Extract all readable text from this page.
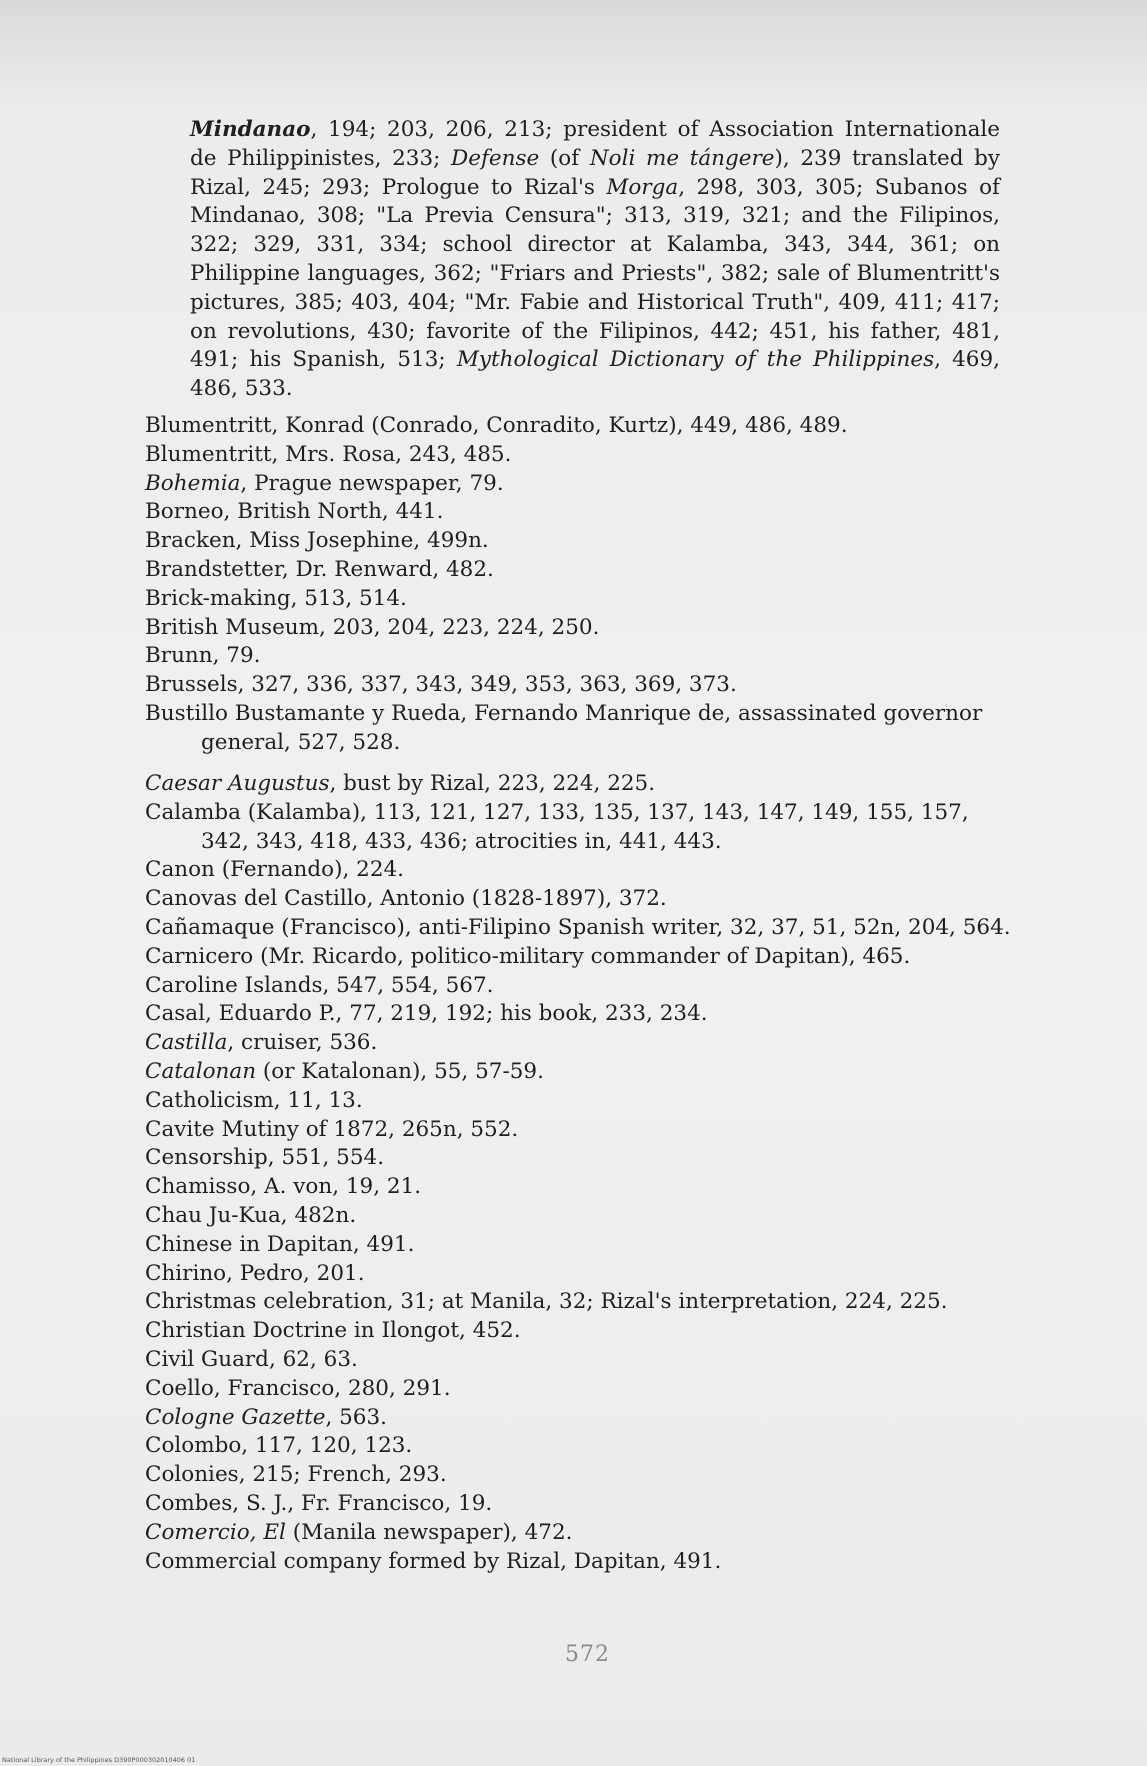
Mindanao, 194; 203, 206, 213; president of Association Internationale de Philippinistes, 233; Defense (of Noli me tángere), 239 translated by Rizal, 245; 293; Prologue to Rizal's Morga, 298, 303, 305; Subanos of Mindanao, 308; "La Previa Censura"; 313, 319, 321; and the Filipinos, 322; 329, 331, 334; school director at Kalamba, 343, 344, 361; on Philippine languages, 362; "Friars and Priests", 382; sale of Blumentritt's pictures, 385; 403, 404; "Mr. Fabie and Historical Truth", 409, 411; 417; on revolutions, 430; favorite of the Filipinos, 442; 451, his father, 481, 491; his Spanish, 513; Mythological Dictionary of the Philippines, 469, 486, 533.
Blumentritt, Konrad (Conrado, Conradito, Kurtz), 449, 486, 489.
Blumentritt, Mrs. Rosa, 243, 485.
Bohemia, Prague newspaper, 79.
Borneo, British North, 441.
Bracken, Miss Josephine, 499n.
Brandstetter, Dr. Renward, 482.
Brick-making, 513, 514.
British Museum, 203, 204, 223, 224, 250.
Brunn, 79.
Brussels, 327, 336, 337, 343, 349, 353, 363, 369, 373.
Bustillo Bustamante y Rueda, Fernando Manrique de, assassinated governor general, 527, 528.
Caesar Augustus, bust by Rizal, 223, 224, 225.
Calamba (Kalamba), 113, 121, 127, 133, 135, 137, 143, 147, 149, 155, 157, 342, 343, 418, 433, 436; atrocities in, 441, 443.
Canon (Fernando), 224.
Canovas del Castillo, Antonio (1828-1897), 372.
Cañamaque (Francisco), anti-Filipino Spanish writer, 32, 37, 51, 52n, 204, 564.
Carnicero (Mr. Ricardo, politico-military commander of Dapitan), 465.
Caroline Islands, 547, 554, 567.
Casal, Eduardo P., 77, 219, 192; his book, 233, 234.
Castilla, cruiser, 536.
Catalonan (or Katalonan), 55, 57-59.
Catholicism, 11, 13.
Cavite Mutiny of 1872, 265n, 552.
Censorship, 551, 554.
Chamisso, A. von, 19, 21.
Chau Ju-Kua, 482n.
Chinese in Dapitan, 491.
Chirino, Pedro, 201.
Christmas celebration, 31; at Manila, 32; Rizal's interpretation, 224, 225.
Christian Doctrine in Ilongot, 452.
Civil Guard, 62, 63.
Coello, Francisco, 280, 291.
Cologne Gazette, 563.
Colombo, 117, 120, 123.
Colonies, 215; French, 293.
Combes, S. J., Fr. Francisco, 19.
Comercio, El (Manila newspaper), 472.
Commercial company formed by Rizal, Dapitan, 491.
572
National Library of the Philippines D390P000302010406 01
